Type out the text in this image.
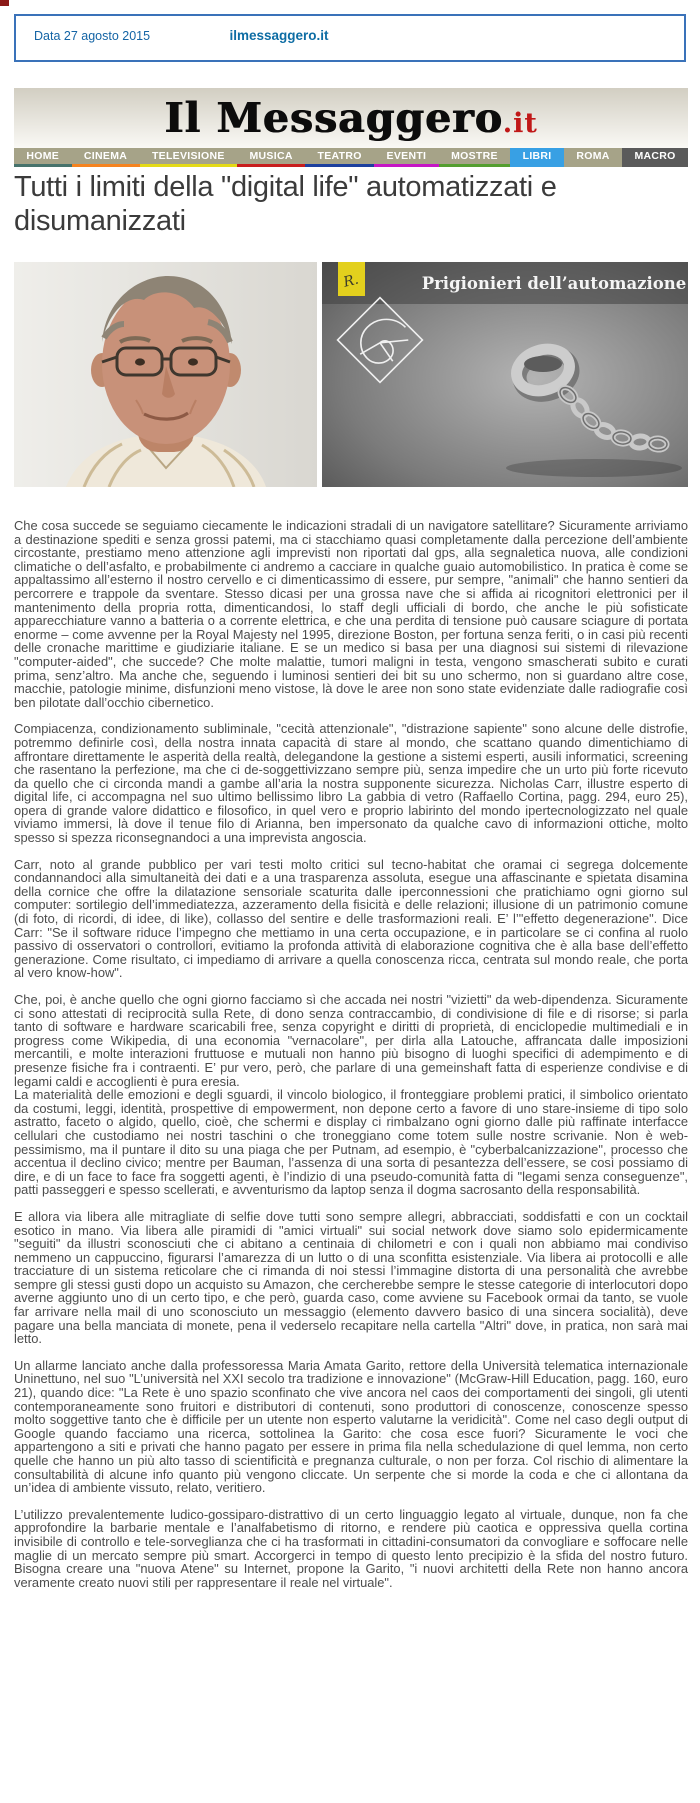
Data 27 agosto 2015	ilmessaggero.it
Il Messaggero.it
HOME	CINEMA	TELEVISIONE	MUSICA	TEATRO	EVENTI	MOSTRE	LIBRI	ROMA	MACRO
Tutti i limiti della "digital life" automatizzati e disumanizzati
R.	Prigionieri dell’automazione

Che cosa succede se seguiamo ciecamente le indicazioni stradali di un navigatore satellitare? Sicuramente arriviamo a destinazione spediti e senza grossi patemi, ma ci stacchiamo quasi completamente dalla percezione dell’ambiente circostante, prestiamo meno attenzione agli imprevisti non riportati dal gps, alla segnaletica nuova, alle condizioni climatiche o dell’asfalto, e probabilmente ci andremo a cacciare in qualche guaio automobilistico. In pratica è come se appaltassimo all’esterno il nostro cervello e ci dimenticassimo di essere, pur sempre, "animali" che hanno sentieri da percorrere e trappole da sventare. Stesso dicasi per una grossa nave che si affida ai ricognitori elettronici per il mantenimento della propria rotta, dimenticandosi, lo staff degli ufficiali di bordo, che anche le più sofisticate apparecchiature vanno a batteria o a corrente elettrica, e che una perdita di tensione può causare sciagure di portata enorme – come avvenne per la Royal Majesty nel 1995, direzione Boston, per fortuna senza feriti, o in casi più recenti delle cronache marittime e giudiziarie italiane. E se un medico si basa per una diagnosi sui sistemi di rilevazione "computer-aided", che succede? Che molte malattie, tumori maligni in testa, vengono smascherati subito e curati prima, senz’altro. Ma anche che, seguendo i luminosi sentieri dei bit su uno schermo, non si guardano altre cose, macchie, patologie minime, disfunzioni meno vistose, là dove le aree non sono state evidenziate dalle radiografie così ben pilotate dall’occhio cibernetico.

Compiacenza, condizionamento subliminale, "cecità attenzionale", "distrazione sapiente" sono alcune delle distrofie, potremmo definirle così, della nostra innata capacità di stare al mondo, che scattano quando dimentichiamo di affrontare direttamente le asperità della realtà, delegandone la gestione a sistemi esperti, ausili informatici, screening che rasentano la perfezione, ma che ci de-soggettivizzano sempre più, senza impedire che un urto più forte ricevuto da quello che ci circonda mandi a gambe all’aria la nostra supponente sicurezza. Nicholas Carr, illustre esperto di digital life, ci accompagna nel suo ultimo bellissimo libro La gabbia di vetro (Raffaello Cortina, pagg. 294, euro 25), opera di grande valore didattico e filosofico, in quel vero e proprio labirinto del mondo ipertecnologizzato nel quale viviamo immersi, là dove il tenue filo di Arianna, ben impersonato da qualche cavo di informazioni ottiche, molto spesso si spezza riconsegnandoci a una imprevista angoscia.

Carr, noto al grande pubblico per vari testi molto critici sul tecno-habitat che oramai ci segrega dolcemente condannandoci alla simultaneità dei dati e a una trasparenza assoluta, esegue una affascinante e spietata disamina della cornice che offre la dilatazione sensoriale scaturita dalle iperconnessioni che pratichiamo ogni giorno sul computer: sortilegio dell’immediatezza, azzeramento della fisicità e delle relazioni; illusione di un patrimonio comune (di foto, di ricordi, di idee, di like), collasso del sentire e delle trasformazioni reali. E’ l’"effetto degenerazione". Dice Carr: "Se il software riduce l’impegno che mettiamo in una certa occupazione, e in particolare se ci confina al ruolo passivo di osservatori o controllori, evitiamo la profonda attività di elaborazione cognitiva che è alla base dell’effetto generazione. Come risultato, ci impediamo di arrivare a quella conoscenza ricca, centrata sul mondo reale, che porta al vero know-how".

Che, poi, è anche quello che ogni giorno facciamo sì che accada nei nostri "vizietti" da web-dipendenza. Sicuramente ci sono attestati di reciprocità sulla Rete, di dono senza contraccambio, di condivisione di file e di risorse; si parla tanto di software e hardware scaricabili free, senza copyright e diritti di proprietà, di enciclopedie multimediali e in progress come Wikipedia, di una economia "vernacolare", per dirla alla Latouche, affrancata dalle imposizioni mercantili, e molte interazioni fruttuose e mutuali non hanno più bisogno di luoghi specifici di adempimento e di presenze fisiche fra i contraenti. E’ pur vero, però, che parlare di una gemeinshaft fatta di esperienze condivise e di legami caldi e accoglienti è pura eresia.

La materialità delle emozioni e degli sguardi, il vincolo biologico, il fronteggiare problemi pratici, il simbolico orientato da costumi, leggi, identità, prospettive di empowerment, non depone certo a favore di uno stare-insieme di tipo solo astratto, faceto o algido, quello, cioè, che schermi e display ci rimbalzano ogni giorno dalle più raffinate interfacce cellulari che custodiamo nei nostri taschini o che troneggiano come totem sulle nostre scrivanie. Non è web-pessimismo, ma il puntare il dito su una piaga che per Putnam, ad esempio, è "cyberbalcanizzazione", processo che accentua il declino civico; mentre per Bauman, l’assenza di una sorta di pesantezza dell’essere, se così possiamo di dire, e di un face to face fra soggetti agenti, è l’indizio di una pseudo-comunità fatta di "legami senza conseguenze", patti passeggeri e spesso scellerati, e avventurismo da laptop senza il dogma sacrosanto della responsabilità.

E allora via libera alle mitragliate di selfie dove tutti sono sempre allegri, abbracciati, soddisfatti e con un cocktail esotico in mano. Via libera alle piramidi di "amici virtuali" sui social network dove siamo solo epidermicamente "seguiti" da illustri sconosciuti che ci abitano a centinaia di chilometri e con i quali non abbiamo mai condiviso nemmeno un cappuccino, figurarsi l’amarezza di un lutto o di una sconfitta esistenziale. Via libera ai protocolli e alle tracciature di un sistema reticolare che ci rimanda di noi stessi l’immagine distorta di una personalità che avrebbe sempre gli stessi gusti dopo un acquisto su Amazon, che cercherebbe sempre le stesse categorie di interlocutori dopo averne aggiunto uno di un certo tipo, e che però, guarda caso, come avviene su Facebook ormai da tanto, se vuole far arrivare nella mail di uno sconosciuto un messaggio (elemento davvero basico di una sincera socialità), deve pagare una bella manciata di monete, pena il vederselo recapitare nella cartella "Altri" dove, in pratica, non sarà mai letto.

Un allarme lanciato anche dalla professoressa Maria Amata Garito, rettore della Università telematica internazionale Uninettuno, nel suo "L’università nel XXI secolo tra tradizione e innovazione" (McGraw-Hill Education, pagg. 160, euro 21), quando dice: "La Rete è uno spazio sconfinato che vive ancora nel caos dei comportamenti dei singoli, gli utenti contemporaneamente sono fruitori e distributori di contenuti, sono produttori di conoscenze, conoscenze spesso molto soggettive tanto che è difficile per un utente non esperto valutarne la veridicità". Come nel caso degli output di Google quando facciamo una ricerca, sottolinea la Garito: che cosa esce fuori? Sicuramente le voci che appartengono a siti e privati che hanno pagato per essere in prima fila nella schedulazione di quel lemma, non certo quelle che hanno un più alto tasso di scientificità e pregnanza culturale, o non per forza. Col rischio di alimentare la consultabilità di alcune info quanto più vengono cliccate. Un serpente che si morde la coda e che ci allontana da un’idea di ambiente vissuto, relato, veritiero.

L’utilizzo prevalentemente ludico-gossiparo-distrattivo di un certo linguaggio legato al virtuale, dunque, non fa che approfondire la barbarie mentale e l’analfabetismo di ritorno, e rendere più caotica e oppressiva quella cortina invisibile di controllo e tele-sorveglianza che ci ha trasformati in cittadini-consumatori da convogliare e soffocare nelle maglie di un mercato sempre più smart. Accorgerci in tempo di questo lento precipizio è la sfida del nostro futuro. Bisogna creare una "nuova Atene" su Internet, propone la Garito, "i nuovi architetti della Rete non hanno ancora veramente creato nuovi stili per rappresentare il reale nel virtuale".
